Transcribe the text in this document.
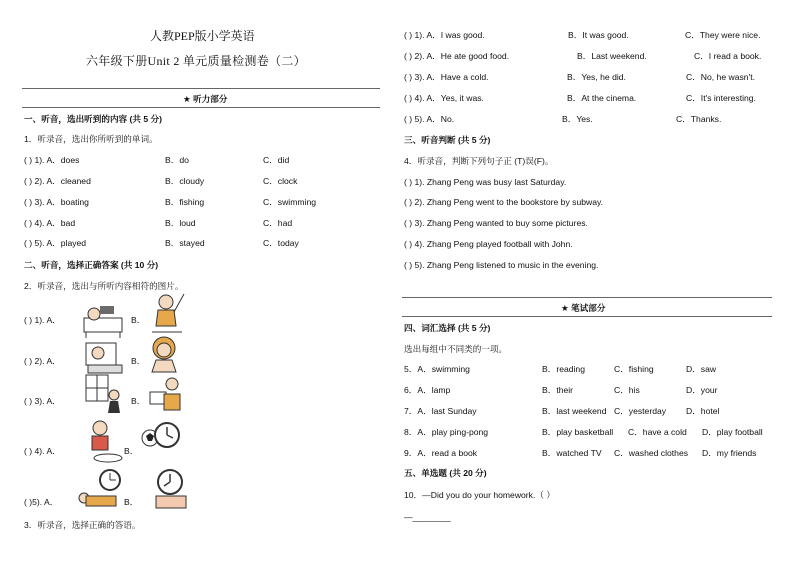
人教PEP版小学英语
六年级下册Unit 2 单元质量检测卷（二）
★ 听力部分
一、听音，选出听到的内容 (共 5 分)
1．听录音，选出你所听到的单词。
( ) 1). A．does	B．do	C．did
( ) 2). A．cleaned	B．cloudy	C．clock
( ) 3). A．boating	B．fishing	C．swimming
( ) 4). A．bad	B．loud	C．had
( ) 5). A．played	B．stayed	C．today
二、听音，选择正确答案 (共 10 分)
2．听录音，选出与所听内容相符的图片。
( ) 1). A．	B．
( ) 2). A．	B．
( ) 3). A．	B．
( ) 4). A．	B．
( )5). A．	B．
3．听录音，选择正确的答语。
( ) 1). A．I was good.	B．It was good.	C．They were nice.
( ) 2). A．He ate good food.	B．Last weekend.	C．I read a book.
( ) 3). A．Have a cold.	B．Yes, he did.	C．No, he wasn't.
( ) 4). A．Yes, it was.	B．At the cinema.	C．It's interesting.
( ) 5). A．No.	B．Yes.	C．Thanks.
三、听音判断 (共 5 分)
4．听录音，判断下列句子正 (T)误(F)。
( ) 1). Zhang Peng was busy last Saturday.
( ) 2). Zhang Peng went to the bookstore by subway.
( ) 3). Zhang Peng wanted to buy some pictures.
( ) 4). Zhang Peng played football with John.
( ) 5). Zhang Peng listened to music in the evening.
★ 笔试部分
四、词汇选择 (共 5 分)
选出每组中不同类的一项。
5．A．swimming	B．reading	C．fishing	D．saw
6．A．lamp	B．their	C．his	D．your
7．A．last Sunday	B．last weekend C．yesterday D．hotel
8．A．play ping-pong	B．play basketball C．have a cold D．play football
9．A．read a book	B．watched TV C．washed clothes D．my friends
五、单选题 (共 20 分)
10．—Did you do your homework.（ ）
—________
